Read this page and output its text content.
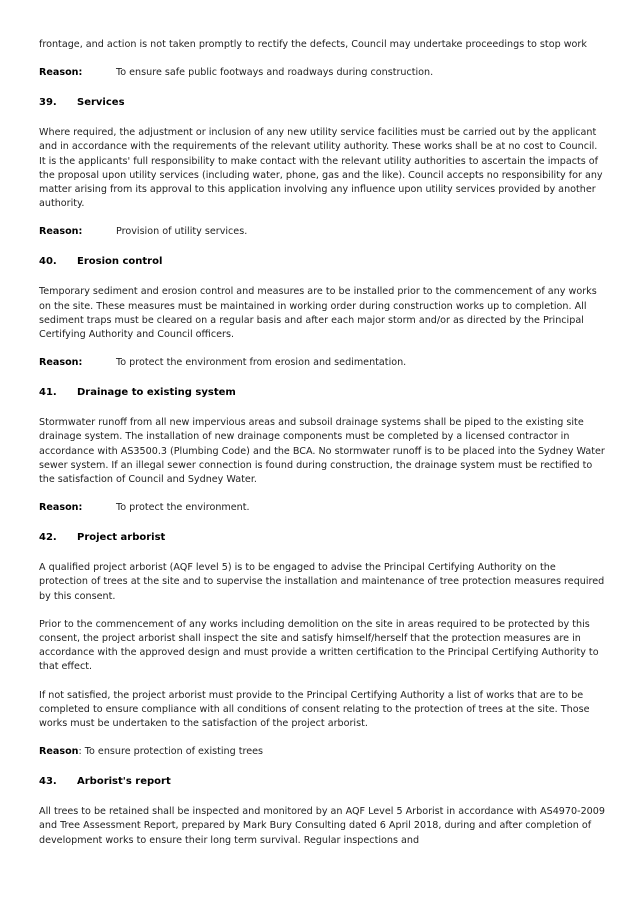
frontage, and action is not taken promptly to rectify the defects, Council may undertake proceedings to stop work

Reason:	To ensure safe public footways and roadways during construction.
39.	Services

Where required, the adjustment or inclusion of any new utility service facilities must be carried out by the applicant and in accordance with the requirements of the relevant utility authority. These works shall be at no cost to Council. It is the applicants' full responsibility to make contact with the relevant utility authorities to ascertain the impacts of the proposal upon utility services (including water, phone, gas and the like). Council accepts no responsibility for any matter arising from its approval to this application involving any influence upon utility services provided by another authority.

Reason:	Provision of utility services.
40.	Erosion control

Temporary sediment and erosion control and measures are to be installed prior to the commencement of any works on the site. These measures must be maintained in working order during construction works up to completion. All sediment traps must be cleared on a regular basis and after each major storm and/or as directed by the Principal Certifying Authority and Council officers.

Reason:	To protect the environment from erosion and sedimentation.
41.	Drainage to existing system

Stormwater runoff from all new impervious areas and subsoil drainage systems shall be piped to the existing site drainage system. The installation of new drainage components must be completed by a licensed contractor in accordance with AS3500.3 (Plumbing Code) and the BCA. No stormwater runoff is to be placed into the Sydney Water sewer system. If an illegal sewer connection is found during construction, the drainage system must be rectified to the satisfaction of Council and Sydney Water.

Reason:	To protect the environment.
42.	Project arborist

A qualified project arborist (AQF level 5) is to be engaged to advise the Principal Certifying Authority on the protection of trees at the site and to supervise the installation and maintenance of tree protection measures required by this consent.

Prior to the commencement of any works including demolition on the site in areas required to be protected by this consent, the project arborist shall inspect the site and satisfy himself/herself that the protection measures are in accordance with the approved design and must provide a written certification to the Principal Certifying Authority to that effect.

If not satisfied, the project arborist must provide to the Principal Certifying Authority a list of works that are to be completed to ensure compliance with all conditions of consent relating to the protection of trees at the site. Those works must be undertaken to the satisfaction of the project arborist.

Reason: To ensure protection of existing trees
43.	Arborist's report

All trees to be retained shall be inspected and monitored by an AQF Level 5 Arborist in accordance with AS4970-2009 and Tree Assessment Report, prepared by Mark Bury Consulting dated 6 April 2018, during and after completion of development works to ensure their long term survival. Regular inspections and
